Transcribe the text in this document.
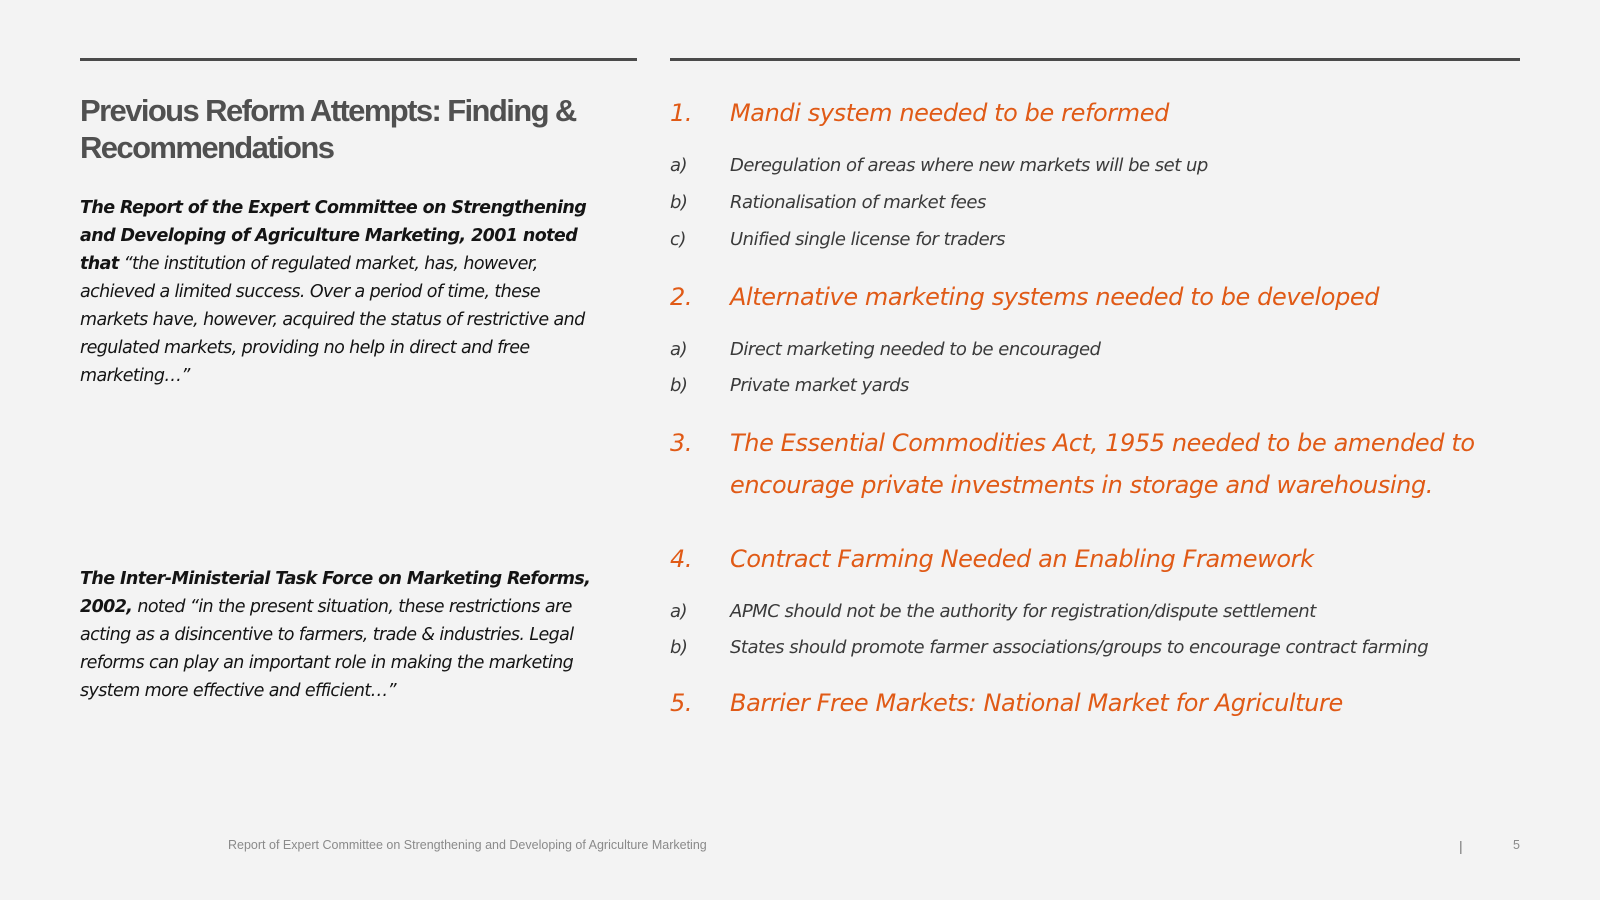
Previous Reform Attempts: Finding & Recommendations
The Report of the Expert Committee on Strengthening and Developing of Agriculture Marketing, 2001 noted that “the institution of regulated market, has, however, achieved a limited success. Over a period of time, these markets have, however, acquired the status of restrictive and regulated markets, providing no help in direct and free marketing…”
The Inter-Ministerial Task Force on Marketing Reforms, 2002, noted “in the present situation, these restrictions are acting as a disincentive to farmers, trade & industries. Legal reforms can play an important role in making the marketing system more effective and efficient…”
1.	Mandi system needed to be reformed
a)	Deregulation of areas where new markets will be set up
b)	Rationalisation of market fees
c)	Unified single license for traders
2.	Alternative marketing systems needed to be developed
a)	Direct marketing needed to be encouraged
b)	Private market yards
3.	The Essential Commodities Act, 1955 needed to be amended to encourage private investments in storage and warehousing.
4.	Contract Farming Needed an Enabling Framework
a)	APMC should not be the authority for registration/dispute settlement
b)	States should promote farmer associations/groups to encourage contract farming
5.	Barrier Free Markets: National Market for Agriculture
Report of Expert Committee on Strengthening and Developing of Agriculture Marketing	|	5
